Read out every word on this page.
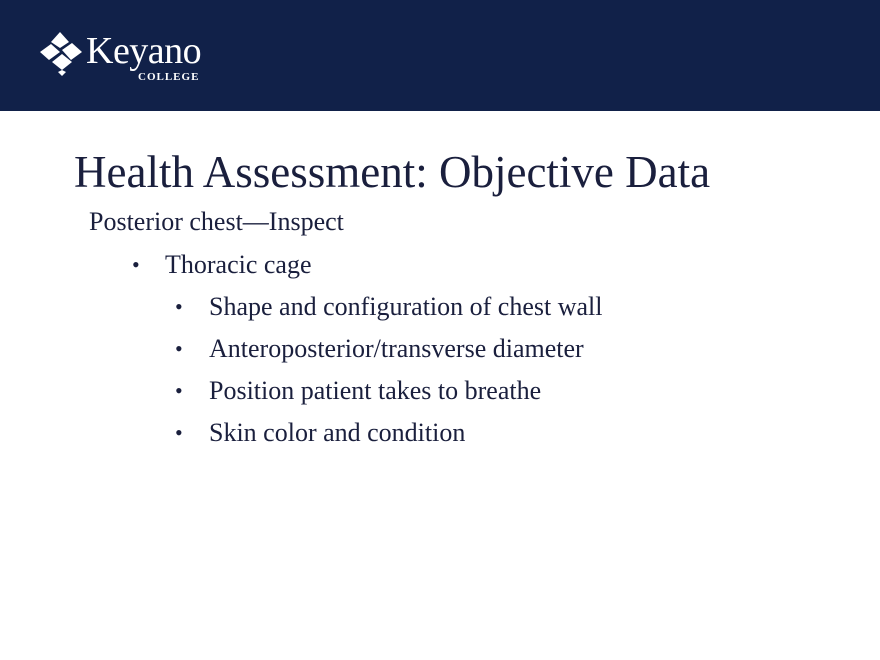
Keyano
COLLEGE
Health Assessment: Objective Data
Posterior chest—Inspect
• Thoracic cage
• Shape and configuration of chest wall
• Anteroposterior/transverse diameter
• Position patient takes to breathe
• Skin color and condition
